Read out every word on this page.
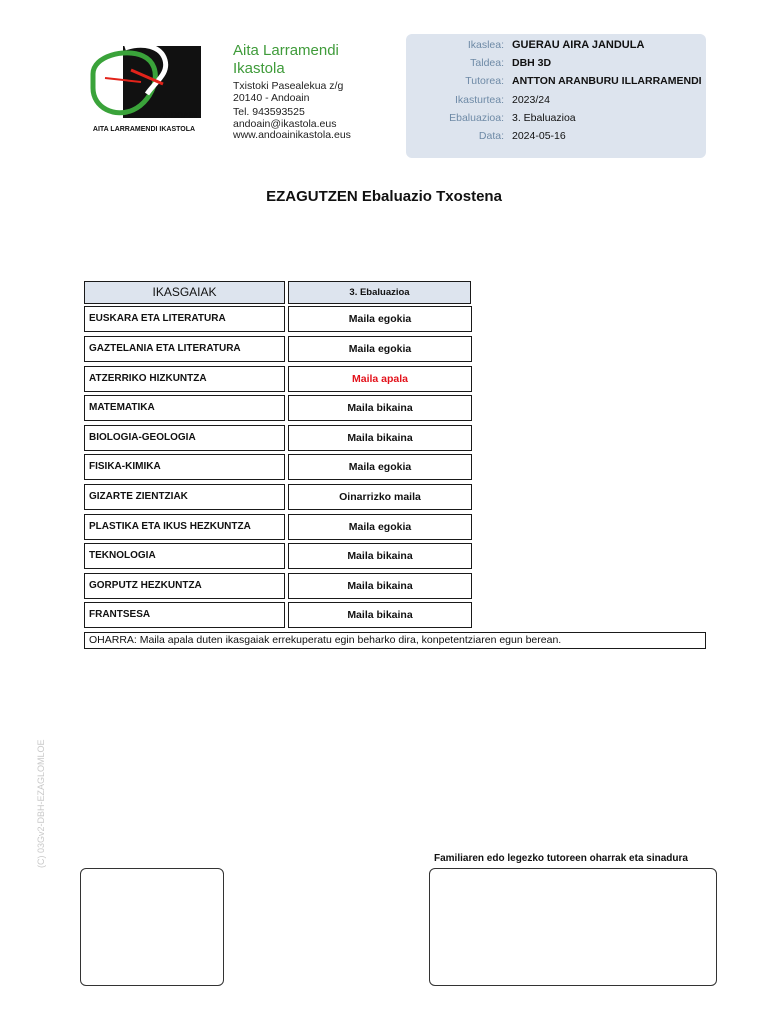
ANDOAIN
AITA LARRAMENDI IKASTOLA
Aita Larramendi
Ikastola
Txistoki Pasealekua z/g
20140 - Andoain
Tel. 943593525
andoain@ikastola.eus
www.andoainikastola.eus
Ikaslea: GUERAU AIRA JANDULA
Taldea: DBH 3D
Tutorea: ANTTON ARANBURU ILLARRAMENDI
Ikasturtea: 2023/24
Ebaluazioa: 3. Ebaluazioa
Data: 2024-05-16
EZAGUTZEN Ebaluazio Txostena
IKASGAIAK	3. Ebaluazioa
EUSKARA ETA LITERATURA	Maila egokia
GAZTELANIA ETA LITERATURA	Maila egokia
ATZERRIKO HIZKUNTZA	Maila apala
MATEMATIKA	Maila bikaina
BIOLOGIA-GEOLOGIA	Maila bikaina
FISIKA-KIMIKA	Maila egokia
GIZARTE ZIENTZIAK	Oinarrizko maila
PLASTIKA ETA IKUS HEZKUNTZA	Maila egokia
TEKNOLOGIA	Maila bikaina
GORPUTZ HEZKUNTZA	Maila bikaina
FRANTSESA	Maila bikaina
OHARRA: Maila apala duten ikasgaiak errekuperatu egin beharko dira, konpetentziaren egun berean.
(C) 03Gv2-DBH-EZAGLOMLOE	Familiaren edo legezko tutoreen oharrak eta sinadura
